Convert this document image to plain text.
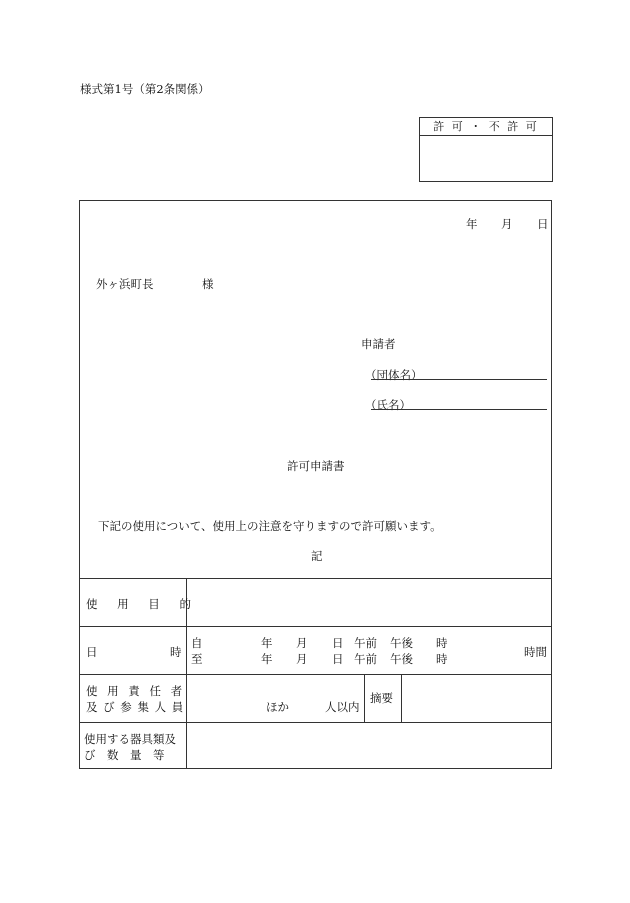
様式第1号（第2条関係）
許 可 ・ 不 許 可
年 月 日
外ヶ浜町長	様
申請者
（団体名）
（氏名）
許可申請書
下記の使用について、使用上の注意を守りますので許可願います。
記
使 用 目 的
日	時
自	年 月 日 午前 午後 時
至	年 月 日 午前 午後 時	時間
使 用 責 任 者
及 び 参 集 人 員	ほか	人以内
摘要
使用する器具類及
び　数　量　等
